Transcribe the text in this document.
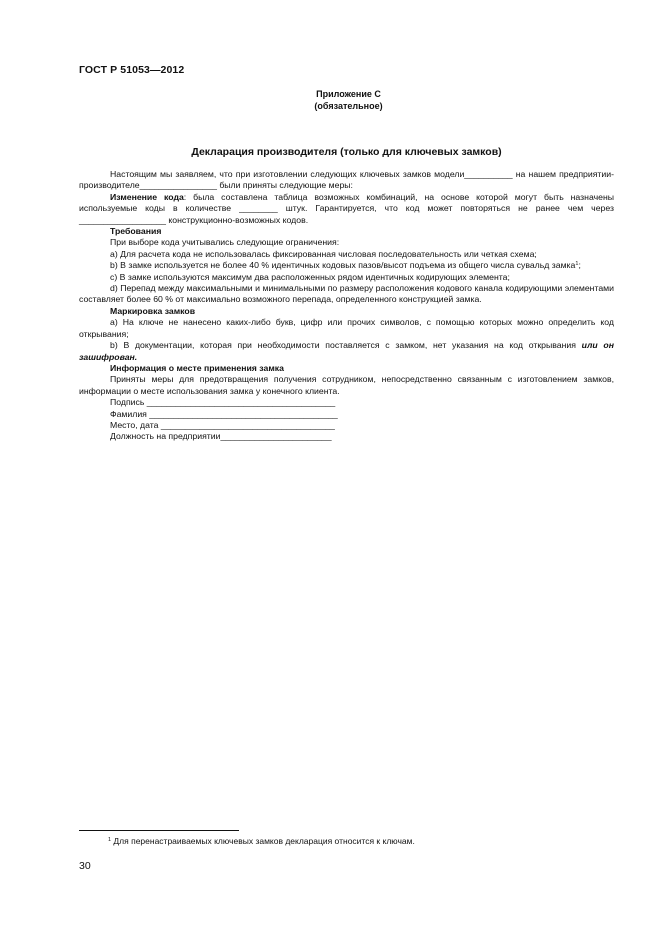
ГОСТ Р 51053—2012
Приложение С
(обязательное)
Декларация производителя (только для ключевых замков)

Настоящим мы заявляем, что при изготовлении следующих ключевых замков модели__________ на нашем предприятии-производителе________________ были приняты следующие меры:

Изменение кода: была составлена таблица возможных комбинаций, на основе которой могут быть назначены используемые коды в количестве ________ штук. Гарантируется, что код может повторяться не ранее чем через __________________ конструкционно-возможных кодов.

Требования

При выборе кода учитывались следующие ограничения:

а) Для расчета кода не использовалась фиксированная числовая последовательность или четкая схема;

b) В замке используется не более 40 % идентичных кодовых пазов/высот подъема из общего числа сувальд замка$^1$;

с) В замке используются максимум два расположенных рядом идентичных кодирующих элемента;

d) Перепад между максимальными и минимальными по размеру расположения кодового канала кодирующими элементами составляет более 60 % от максимально возможного перепада, определенного конструкцией замка.

Маркировка замков

а) На ключе не нанесено каких-либо букв, цифр или прочих символов, с помощью которых можно определить код открывания;

b) В документации, которая при необходимости поставляется с замком, нет указания на код открывания или он зашифрован.

Информация о месте применения замка

Приняты меры для предотвращения получения сотрудником, непосредственно связанным с изготовлением замков, информации о месте использования замка у конечного клиента.

Подпись _______________________________________

Фамилия _______________________________________

Место, дата ____________________________________

Должность на предприятии_______________________

$^1$ Для перенастраиваемых ключевых замков декларация относится к ключам.
30
